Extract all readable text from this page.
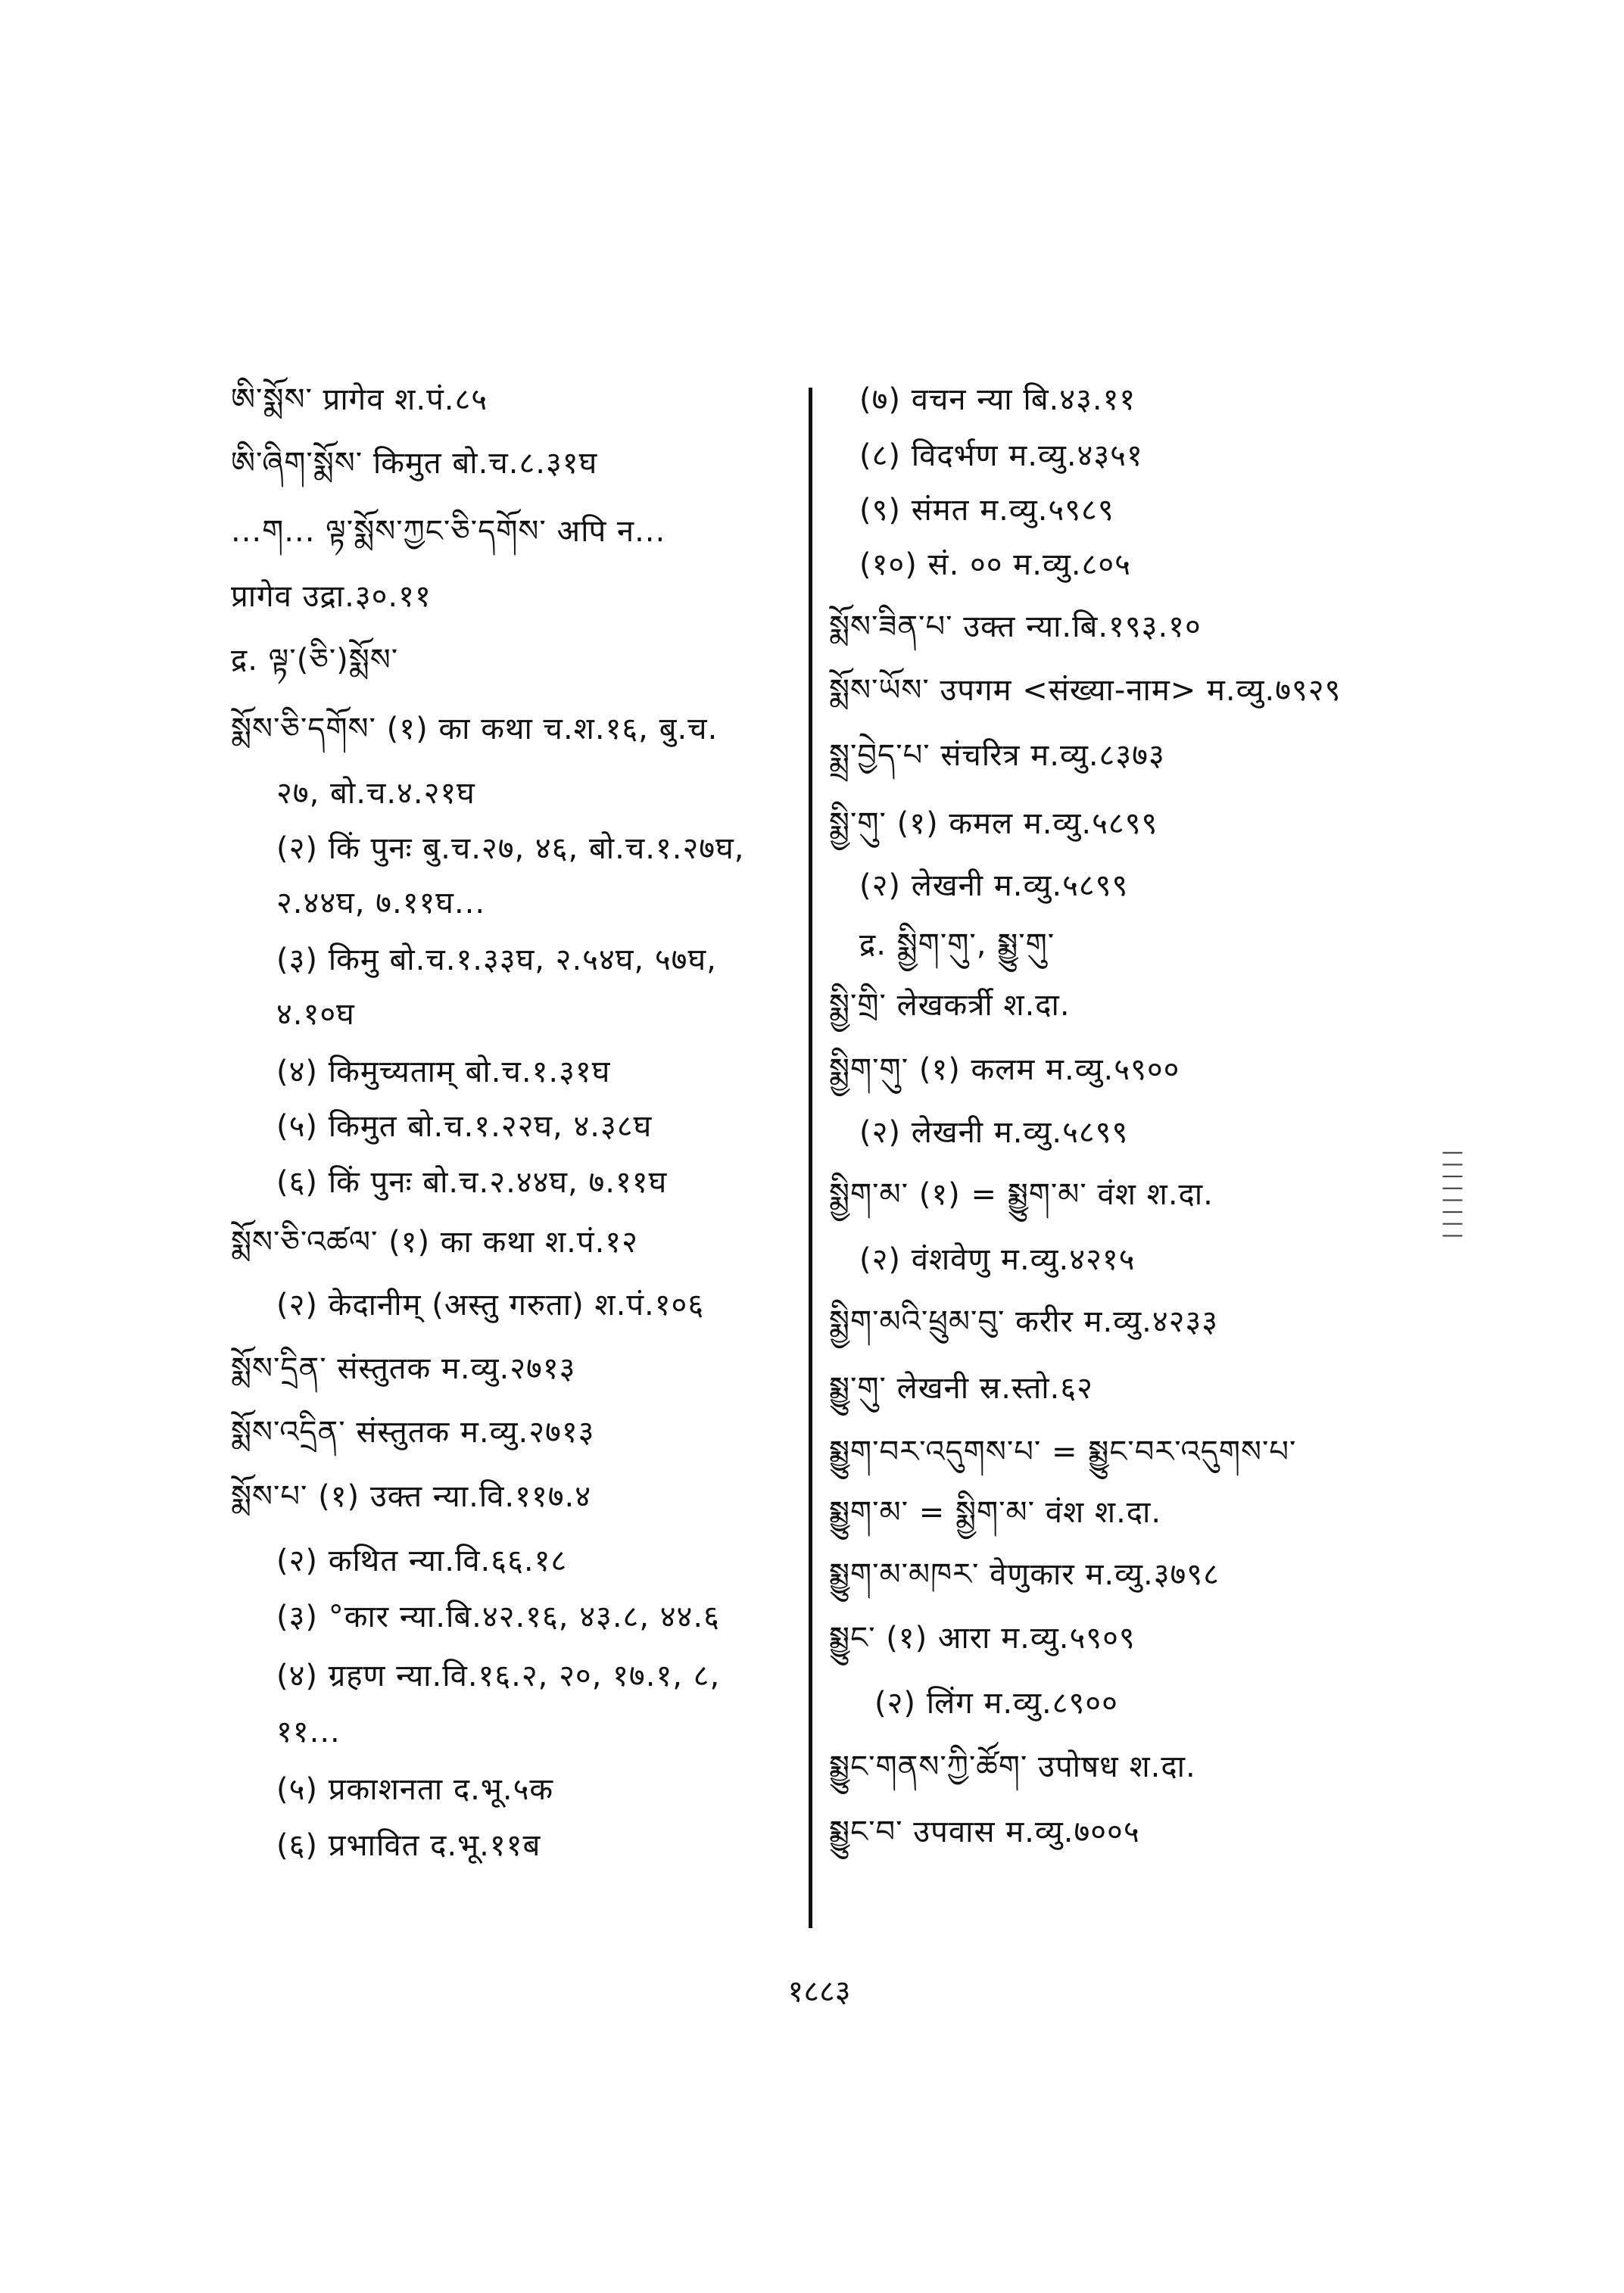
ཨི་སྨོས་ प्रागेव श.पं.८५
ཨི་ཞིག་སྨོས་ किमुत बो.च.८.३१घ
...ག... ལྟ་སྨོས་ཀྱང་ཅི་དགོས་ अपि न...
प्रागेव उद्रा.३०.११
द्र. ལྟ་(ཅི་)སྨོས་
སྨོས་ཅི་དགོས་ (१) का कथा च.श.१६, बु.च.
२७, बो.च.४.२१घ
(२) किं पुनः बु.च.२७, ४६, बो.च.१.२७घ,
२.४४घ, ७.११घ...
(३) किमु बो.च.१.३३घ, २.५४घ, ५७घ,
४.१०घ
(४) किमुच्यताम् बो.च.१.३१घ
(५) किमुत बो.च.१.२२घ, ४.३८घ
(६) किं पुनः बो.च.२.४४घ, ७.११घ
སྨོས་ཅི་འཚལ་ (१) का कथा श.पं.१२
(२) केदानीम् (अस्तु गरुता) श.पं.१०६
སྨོས་དྲིན་ संस्तुतक म.व्यु.२७१३
སྨོས་འདྲིན་ संस्तुतक म.व्यु.२७१३
སྨོས་པ་ (१) उक्त न्या.वि.११७.४
(२) कथित न्या.वि.६६.१८
(३) °कार न्या.बि.४२.१६, ४३.८, ४४.६
(४) ग्रहण न्या.वि.१६.२, २०, १७.१, ८,
११...
(५) प्रकाशनता द.भू.५क
(६) प्रभावित द.भू.११ब
(७) वचन न्या बि.४३.११
(८) विदर्भण म.व्यु.४३५१
(९) संमत म.व्यु.५९८९
(१०) सं. ०० म.व्यु.८०५
སྨོས་ཟིན་པ་ उक्त न्या.बि.१९३.१०
སྨོས་ཡོས་ उपगम <संख्या-नाम> म.व्यु.७९२९
སྨྲ་བྱེད་པ་ संचरित्र म.व्यु.८३७३
སྨྱི་གུ་ (१) कमल म.व्यु.५८९९
(२) लेखनी म.व्यु.५८९९
द्र. སྨྱིག་གུ་, སྨྱུ་གུ་
སྨྱི་གྲི་ लेखकर्त्री श.दा.
སྨྱིག་གུ་ (१) कलम म.व्यु.५९००
(२) लेखनी म.व्यु.५८९९
སྨྱིག་མ་ (१) = སྨྱུག་མ་ वंश श.दा.
(२) वंशवेणु म.व्यु.४२१५
སྨྱིག་མའི་ཕྲུམ་བུ་ करीर म.व्यु.४२३३
སྨྱུ་གུ་ लेखनी स्र.स्तो.६२
སྨྱུག་བར་འདུགས་པ་ = སྨྱུང་བར་འདུགས་པ་
སྨྱུག་མ་ = སྨྱིག་མ་ वंश श.दा.
སྨྱུག་མ་མཁར་ वेणुकार म.व्यु.३७९८
སྨྱུང་ (१) आरा म.व्यु.५९०९
(२) लिंग म.व्यु.८९००
སྨྱུང་གནས་ཀྱི་ཚོག་ उपोषध श.दा.
སྨྱུང་བ་ उपवास म.व्यु.७००५
||||||||
१८८३
